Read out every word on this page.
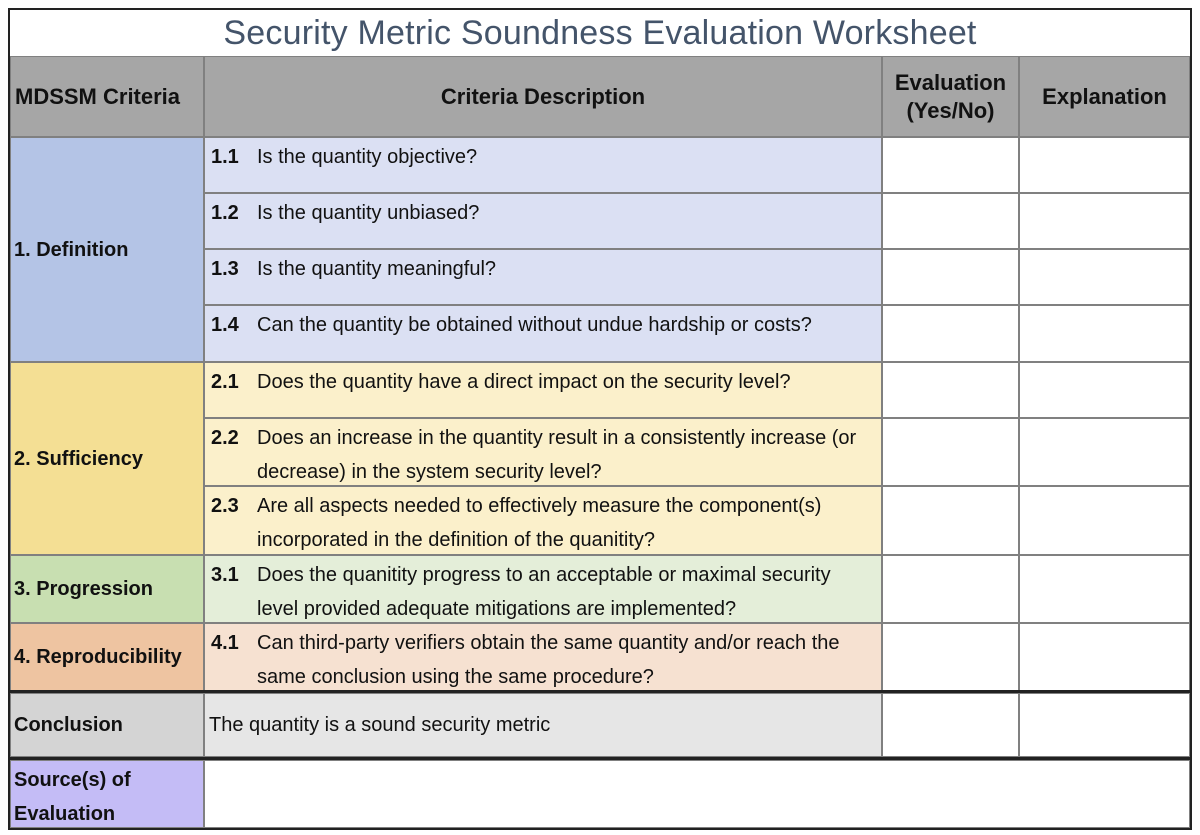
Security Metric Soundness Evaluation Worksheet
MDSSM Criteria	Criteria Description
Evaluation (Yes/No)
Explanation
1. Definition
1.1 Is the quantity objective?
1.2 Is the quantity unbiased?
1.3 Is the quantity meaningful?
1.4 Can the quantity be obtained without undue hardship or costs?
2. Sufficiency
2.1 Does the quantity have a direct impact on the security level?
2.2 Does an increase in the quantity result in a consistently increase (or decrease) in the system security level?
2.3 Are all aspects needed to effectively measure the component(s) incorporated in the definition of the quanitity?
3. Progression
3.1 Does the quanitity progress to an acceptable or maximal security level provided adequate mitigations are implemented?
4. Reproducibility
4.1 Can third-party verifiers obtain the same quantity and/or reach the same conclusion using the same procedure?
Conclusion	The quantity is a sound security metric
Source(s) of Evaluation
